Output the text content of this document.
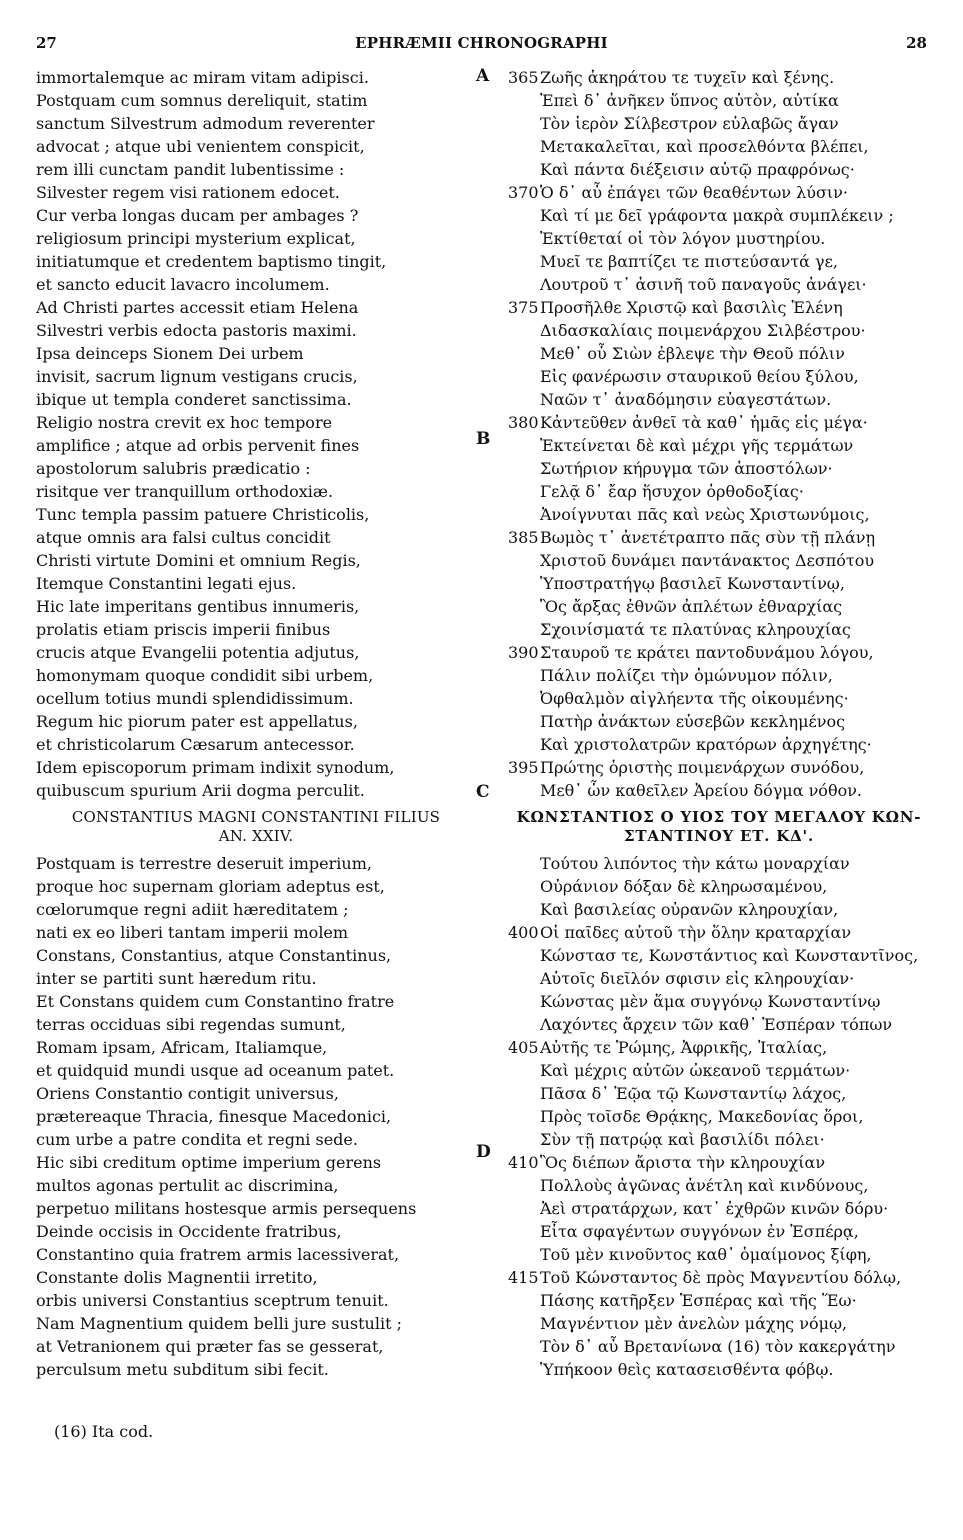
27	EPHRÆMII CHRONOGRAPHI	28
immortalemque ac miram vitam adipisci.
Postquam cum somnus dereliquit, statim
sanctum Silvestrum admodum reverenter
advocat ; atque ubi venientem conspicit,
rem illi cunctam pandit lubentissime :
Silvester regem visi rationem edocet.
Cur verba longas ducam per ambages ?
religiosum principi mysterium explicat,
initiatumque et credentem baptismo tingit,
et sancto educit lavacro incolumem.
Ad Christi partes accessit etiam Helena
Silvestri verbis edocta pastoris maximi.
Ipsa deinceps Sionem Dei urbem
invisit, sacrum lignum vestigans crucis,
ibique ut templa conderet sanctissima.
Religio nostra crevit ex hoc tempore
amplifice ; atque ad orbis pervenit fines
apostolorum salubris prædicatio :
risitque ver tranquillum orthodoxiæ.
Tunc templa passim patuere Christicolis,
atque omnis ara falsi cultus concidit
Christi virtute Domini et omnium Regis,
Itemque Constantini legati ejus.
Hic late imperitans gentibus innumeris,
prolatis etiam priscis imperii finibus
crucis atque Evangelii potentia adjutus,
homonymam quoque condidit sibi urbem,
ocellum totius mundi splendidissimum.
Regum hic piorum pater est appellatus,
et christicolarum Cæsarum antecessor.
Idem episcoporum primam indixit synodum,
quibuscum spurium Arii dogma perculit.
CONSTANTIUS MAGNI CONSTANTINI FILIUS
AN. XXIV.
Postquam is terrestre deseruit imperium,
proque hoc supernam gloriam adeptus est,
cœlorumque regni adiit hæreditatem ;
nati ex eo liberi tantam imperii molem
Constans, Constantius, atque Constantinus,
inter se partiti sunt hæredum ritu.
Et Constans quidem cum Constantino fratre
terras occiduas sibi regendas sumunt,
Romam ipsam, Africam, Italiamque,
et quidquid mundi usque ad oceanum patet.
Oriens Constantio contigit universus,
prætereaque Thracia, finesque Macedonici,
cum urbe a patre condita et regni sede.
Hic sibi creditum optime imperium gerens
multos agonas pertulit ac discrimina,
perpetuo militans hostesque armis persequens
Deinde occisis in Occidente fratribus,
Constantino quia fratrem armis lacessiverat,
Constante dolis Magnentii irretito,
orbis universi Constantius sceptrum tenuit.
Nam Magnentium quidem belli jure sustulit ;
at Vetranionem qui præter fas se gesserat,
perculsum metu subditum sibi fecit.
365 Ζωῆς ἀκηράτου τε τυχεῖν καὶ ξένης.
Ἐπεὶ δ᾽ ἀνῆκεν ὕπνος αὐτὸν, αὐτίκα
Τὸν ἱερὸν Σίλβεστρον εὐλαβῶς ἄγαν
Μετακαλεῖται, καὶ προσελθόντα βλέπει,
Καὶ πάντα διέξεισιν αὐτῷ πραφρόνως·
370 Ὁ δ᾽ αὖ ἐπάγει τῶν θεαθέντων λύσιν·
Καὶ τί με δεῖ γράφοντα μακρὰ συμπλέκειν ;
Ἐκτίθεταί οἱ τὸν λόγον μυστηρίου.
Μυεῖ τε βαπτίζει τε πιστεύσαντά γε,
Λουτροῦ τ᾽ ἀσινῆ τοῦ παναγοῦς ἀνάγει·
375 Προσῆλθε Χριστῷ καὶ βασιλὶς Ἑλένη
Διδασκαλίαις ποιμενάρχου Σιλβέστρου·
Μεθ᾽ οὗ Σιὼν ἐβλεψε τὴν Θεοῦ πόλιν
Εἰς φανέρωσιν σταυρικοῦ θείου ξύλου,
Ναῶν τ᾽ ἀναδόμησιν εὐαγεστάτων.
380 Κἀντεῦθεν ἀνθεῖ τὰ καθ᾽ ἡμᾶς εἰς μέγα·
Ἐκτείνεται δὲ καὶ μέχρι γῆς τερμάτων
Σωτήριον κήρυγμα τῶν ἀποστόλων·
Γελᾷ δ᾽ ἔαρ ἥσυχον ὀρθοδοξίας·
Ἀνοίγνυται πᾶς καὶ νεὼς Χριστωνύμοις,
385 Βωμὸς τ᾽ ἀνετέτραπτο πᾶς σὺν τῇ πλάνῃ
Χριστοῦ δυνάμει παντάνακτος Δεσπότου
Ὑποστρατήγῳ βασιλεῖ Κωνσταντίνῳ,
Ὃς ἄρξας ἐθνῶν ἀπλέτων ἐθναρχίας
Σχοινίσματά τε πλατύνας κληρουχίας
390 Σταυροῦ τε κράτει παντοδυνάμου λόγου,
Πάλιν πολίζει τὴν ὁμώνυμον πόλιν,
Ὀφθαλμὸν αἰγλήεντα τῆς οἰκουμένης·
Πατὴρ ἀνάκτων εὐσεβῶν κεκλημένος
Καὶ χριστολατρῶν κρατόρων ἀρχηγέτης·
395 Πρώτης ὁριστὴς ποιμενάρχων συνόδου,
Μεθ᾽ ὧν καθεῖλεν Ἀρείου δόγμα νόθον.
ΚΩΝΣΤΑΝΤΙΟΣ Ο ΥΙΟΣ ΤΟΥ ΜΕΓΑΛΟΥ ΚΩΝ-
ΣΤΑΝΤΙΝΟΥ ΕΤ. ΚΔ'.
Τούτου λιπόντος τὴν κάτω μοναρχίαν
Οὐράνιον δόξαν δὲ κληρωσαμένου,
Καὶ βασιλείας οὐρανῶν κληρουχίαν,
400 Οἱ παῖδες αὐτοῦ τὴν ὅλην κραταρχίαν
Κώνστασ τε, Κωνστάντιος καὶ Κωνσταντῖνος,
Αὐτοῖς διεῖλόν σφισιν εἰς κληρουχίαν·
Κώνστας μὲν ἅμα συγγόνῳ Κωνσταντίνῳ
Λαχόντες ἄρχειν τῶν καθ᾽ Ἑσπέραν τόπων
405 Αὐτῆς τε Ῥώμης, Ἀφρικῆς, Ἰταλίας,
Καὶ μέχρις αὐτῶν ὠκεανοῦ τερμάτων·
Πᾶσα δ᾽ Ἑῷα τῷ Κωνσταντίῳ λάχος,
Πρὸς τοῖσδε Θρᾴκης, Μακεδονίας ὅροι,
Σὺν τῇ πατρῴᾳ καὶ βασιλίδι πόλει·
410 Ὃς διέπων ἄριστα τὴν κληρουχίαν
Πολλοὺς ἀγῶνας ἀνέτλη καὶ κινδύνους,
Ἀεὶ στρατάρχων, κατ᾽ ἐχθρῶν κινῶν δόρυ·
Εἶτα σφαγέντων συγγόνων ἐν Ἑσπέρᾳ,
Τοῦ μὲν κινοῦντος καθ᾽ ὁμαίμονος ξίφη,
415 Τοῦ Κώνσταντος δὲ πρὸς Μαγνεντίου δόλῳ,
Πάσης κατῆρξεν Ἑσπέρας καὶ τῆς Ἕω·
Μαγνέντιον μὲν ἀνελὼν μάχης νόμῳ,
Τὸν δ᾽ αὖ Βρετανίωνα (16) τὸν κακεργάτην
Ὑπήκοον θεὶς κατασεισθέντα φόβῳ.
A
B
C
D
(16) Ita cod.
